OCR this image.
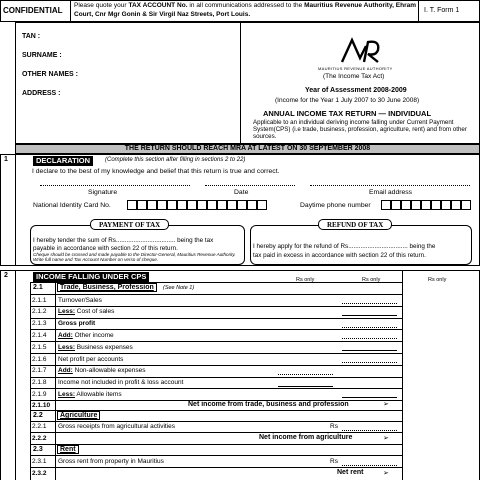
CONFIDENTIAL
Please quote your TAX ACCOUNT No. in all communications addressed to the Mauritius Revenue Authority, Ehram Court, Cnr Mgr Gonin & Sir Virgil Naz Streets, Port Louis.	I. T. Form 1
TAN :
SURNAME :
OTHER NAMES :
ADDRESS :
MAURITIUS REVENUE AUTHORITY
(The Income Tax Act)
Year of Assessment 2008-2009
(Income for the Year 1 July 2007 to 30 June 2008)
ANNUAL INCOME TAX RETURN — INDIVIDUAL
Applicable to an individual deriving income falling under Current Payment System(CPS) (i.e trade, business, profession, agriculture, rent) and from other sources.
THE RETURN SHOULD REACH MRA AT LATEST ON 30 SEPTEMBER 2008
1	DECLARATION	(Complete this section after filling in sections 2 to 22)
I declare to the best of my knowledge and belief that this return is true and correct.
Signature	Date	Email address
National Identity Card No.	Daytime phone number
PAYMENT OF TAX
I hereby tender the sum of Rs.................................. being the tax
payable in accordance with section 22 of this return.
Cheque should be crossed and made payable to the Director-General, Mauritius Revenue Authority. Write full name and Tax Account Number on verso of cheque.
REFUND OF TAX
I hereby apply for the refund of Rs.................................. being the
tax paid in excess in accordance with section 22 of this return.
2	INCOME FALLING UNDER CPS	Rs only	Rs only	Rs only
2.1	Trade, Business, Profession	(See Note 1)
2.1.1 Turnover/Sales
2.1.2 Less: Cost of sales
2.1.3 Gross profit
2.1.4 Add: Other income
2.1.5 Less: Business expenses
2.1.6 Net profit per accounts
2.1.7 Add: Non-allowable expenses
2.1.8 Income not included in profit & loss account
2.1.9 Less: Allowable items
2.1.10	Net income from trade, business and profession	➢
2.2	Agriculture
2.2.1 Gross receipts from agricultural activities	Rs
2.2.2	Net income from agriculture	➢
2.3	Rent
2.3.1 Gross rent from property in Mauritius	Rs
2.3.2	Net rent	➢
